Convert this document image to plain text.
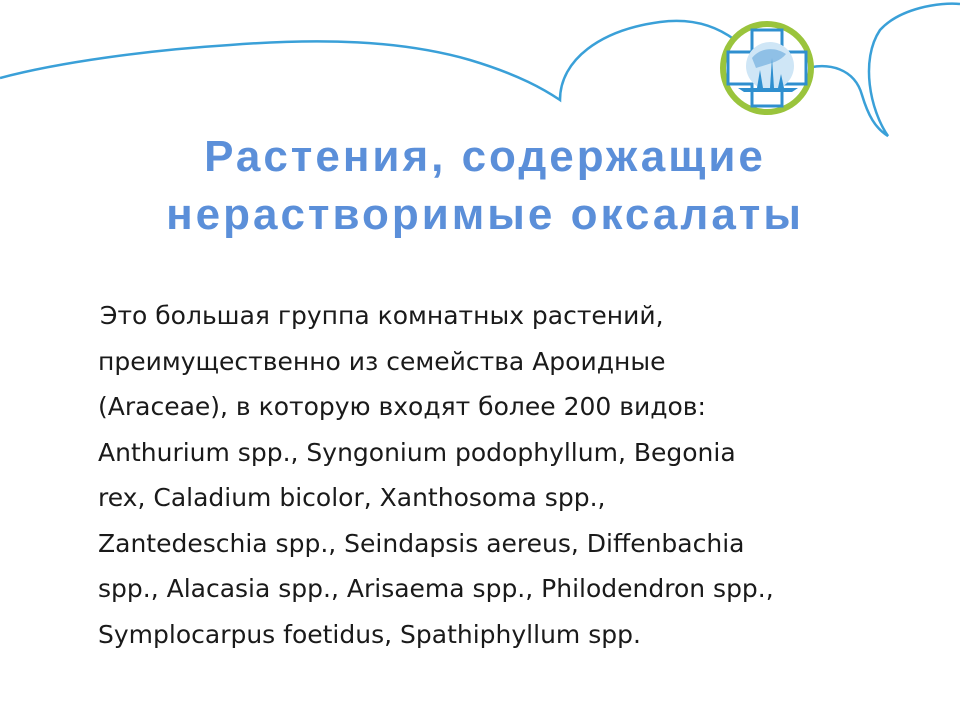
Растения, содержащие
нерастворимые оксалаты
Это большая группа комнатных растений,
преимущественно из семейства Ароидные
(Araceae), в которую входят более 200 видов:
Anthurium spp., Syngonium podophyllum, Begonia
rex, Caladium bicolor, Xanthosoma spp.,
Zantedeschia spp., Seindapsis aereus, Diffenbachia
spp., Alacasia spp., Arisaema spp., Philodendron spp.,
Symplocarpus foetidus, Spathiphyllum spp.
